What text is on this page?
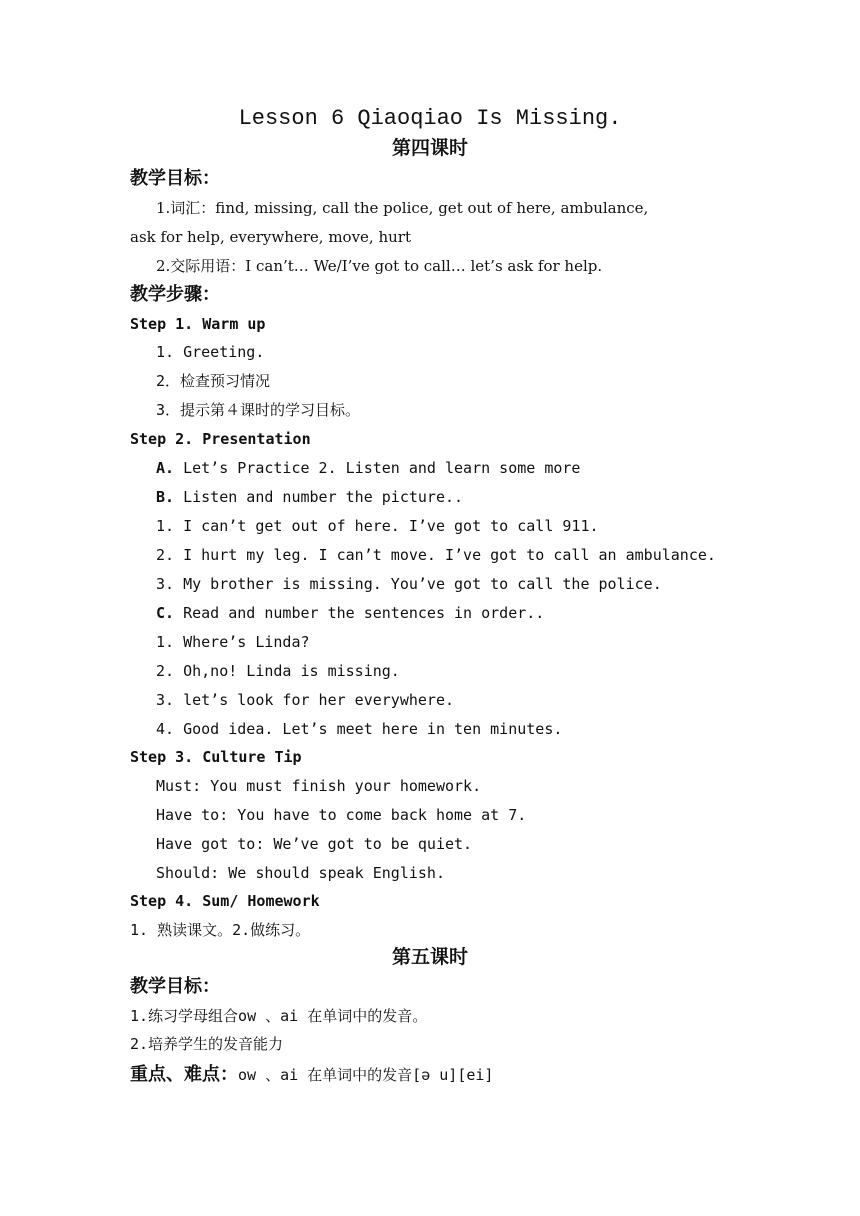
Lesson 6 Qiaoqiao Is Missing.
第四课时
教学目标：
1.词汇：find, missing, call the police, get out of here, ambulance,
ask for help, everywhere, move, hurt
2.交际用语：I can’t… We/I’ve got to call… let’s ask for help.
教学步骤：
Step 1. Warm up
1. Greeting.
2．检查预习情况
3．提示第４课时的学习目标。
Step 2. Presentation
A. Let’s Practice 2. Listen and learn some more
B. Listen and number the picture..
1. I can’t get out of here. I’ve got to call 911.
2. I hurt my leg. I can’t move. I’ve got to call an ambulance.
3. My brother is missing. You’ve got to call the police.
C. Read and number the sentences in order..
1. Where’s Linda?
2. Oh,no! Linda is missing.
3. let’s look for her everywhere.
4. Good idea. Let’s meet here in ten minutes.
Step 3. Culture Tip
Must: You must finish your homework.
Have to: You have to come back home at 7.
Have got to: We’ve got to be quiet.
Should: We should speak English.
Step 4. Sum/ Homework
1. 熟读课文。2.做练习。
第五课时
教学目标：
1.练习学母组合ow 、ai 在单词中的发音。
2.培养学生的发音能力
重点、难点：ow 、ai 在单词中的发音[ə u][ei]
